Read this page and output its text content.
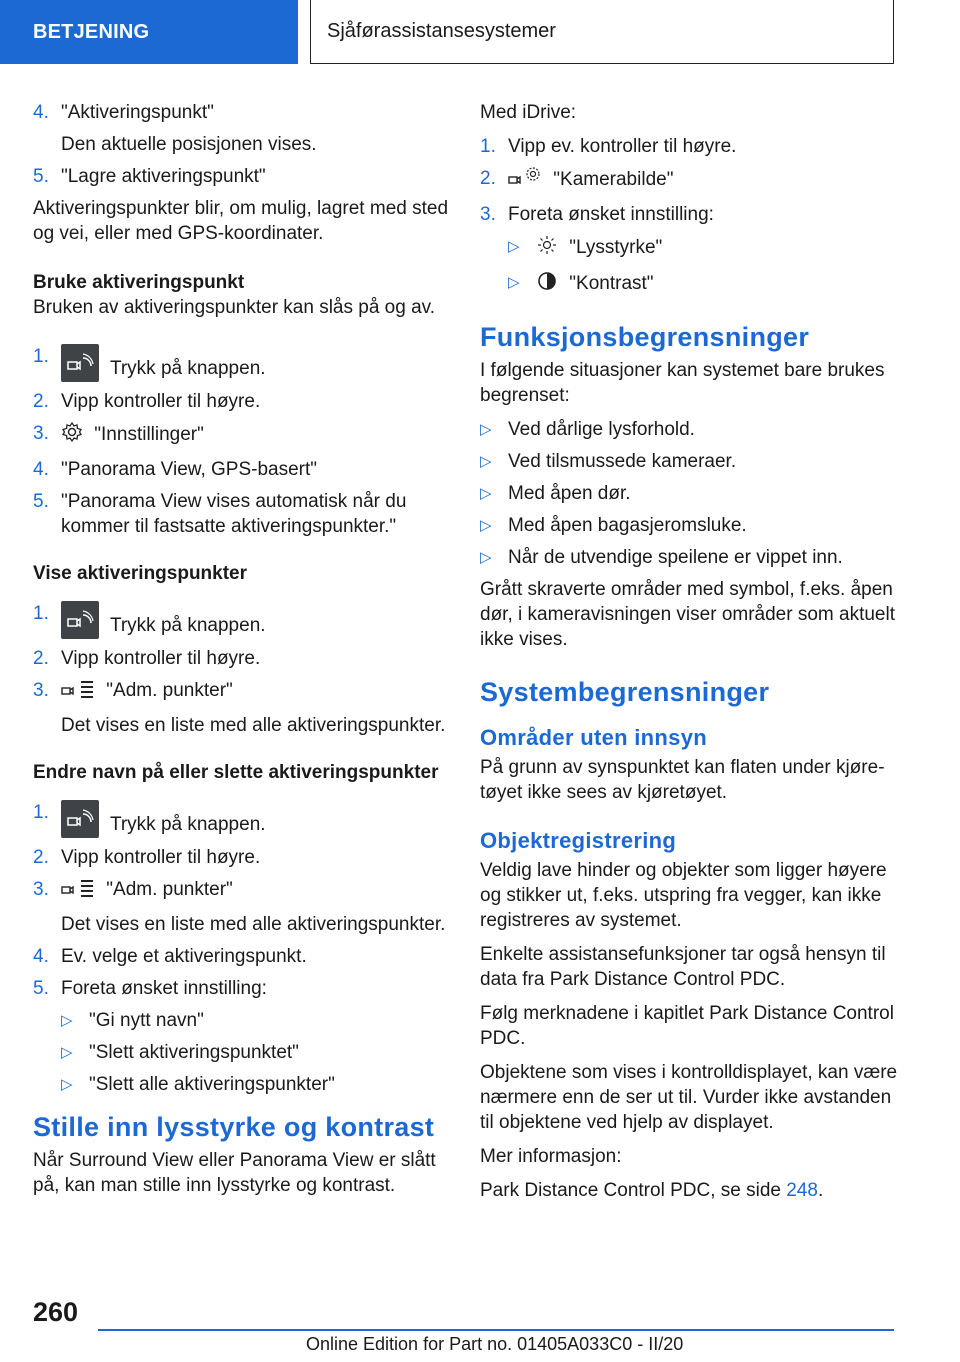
BETJENING	Sjåførassistansesystemer
4. "Aktiveringspunkt"
Den aktuelle posisjonen vises.
5. "Lagre aktiveringspunkt"
Aktiveringspunkter blir, om mulig, lagret med sted og vei, eller med GPS-koordinater.
Bruke aktiveringspunkt
Bruken av aktiveringspunkter kan slås på og av.
1.
Trykk på knappen.
2. Vipp kontroller til høyre.
3. "Innstillinger"
4. "Panorama View, GPS-basert"
5. "Panorama View vises automatisk når du kommer til fastsatte aktiveringspunkter."
Vise aktiveringspunkter
1.
Trykk på knappen.
2. Vipp kontroller til høyre.
3.	"Adm. punkter"
Det vises en liste med alle aktiveringspunkter.
Endre navn på eller slette aktiveringspunkter
1.
Trykk på knappen.
2. Vipp kontroller til høyre.
3.	"Adm. punkter"
Det vises en liste med alle aktiveringspunkter.
4. Ev. velge et aktiveringspunkt.
5. Foreta ønsket innstilling:
▷ "Gi nytt navn"
▷ "Slett aktiveringspunktet"
▷ "Slett alle aktiveringspunkter"
Stille inn lysstyrke og kontrast
Når Surround View eller Panorama View er slått på, kan man stille inn lysstyrke og kontrast.
Med iDrive:
1. Vipp ev. kontroller til høyre.
2.	"Kamerabilde"
3. Foreta ønsket innstilling:
▷	"Lysstyrke"
▷	"Kontrast"
Funksjonsbegrensninger
I følgende situasjoner kan systemet bare brukes begrenset:
▷ Ved dårlige lysforhold.
▷ Ved tilsmussede kameraer.
▷ Med åpen dør.
▷ Med åpen bagasjeromsluke.
▷ Når de utvendige speilene er vippet inn.
Grått skraverte områder med symbol, f.eks. åpen dør, i kameravisningen viser områder som aktuelt ikke vises.
Systembegrensninger
Områder uten innsyn
På grunn av synspunktet kan flaten under kjøretøyet ikke sees av kjøretøyet.
Objektregistrering
Veldig lave hinder og objekter som ligger høyere og stikker ut, f.eks. utspring fra vegger, kan ikke registreres av systemet.
Enkelte assistansefunksjoner tar også hensyn til data fra Park Distance Control PDC.
Følg merknadene i kapitlet Park Distance Control PDC.
Objektene som vises i kontrolldisplayet, kan være nærmere enn de ser ut til. Vurder ikke avstanden til objektene ved hjelp av displayet.
Mer informasjon:
Park Distance Control PDC, se side 248.
260
Online Edition for Part no. 01405A033C0 - II/20
